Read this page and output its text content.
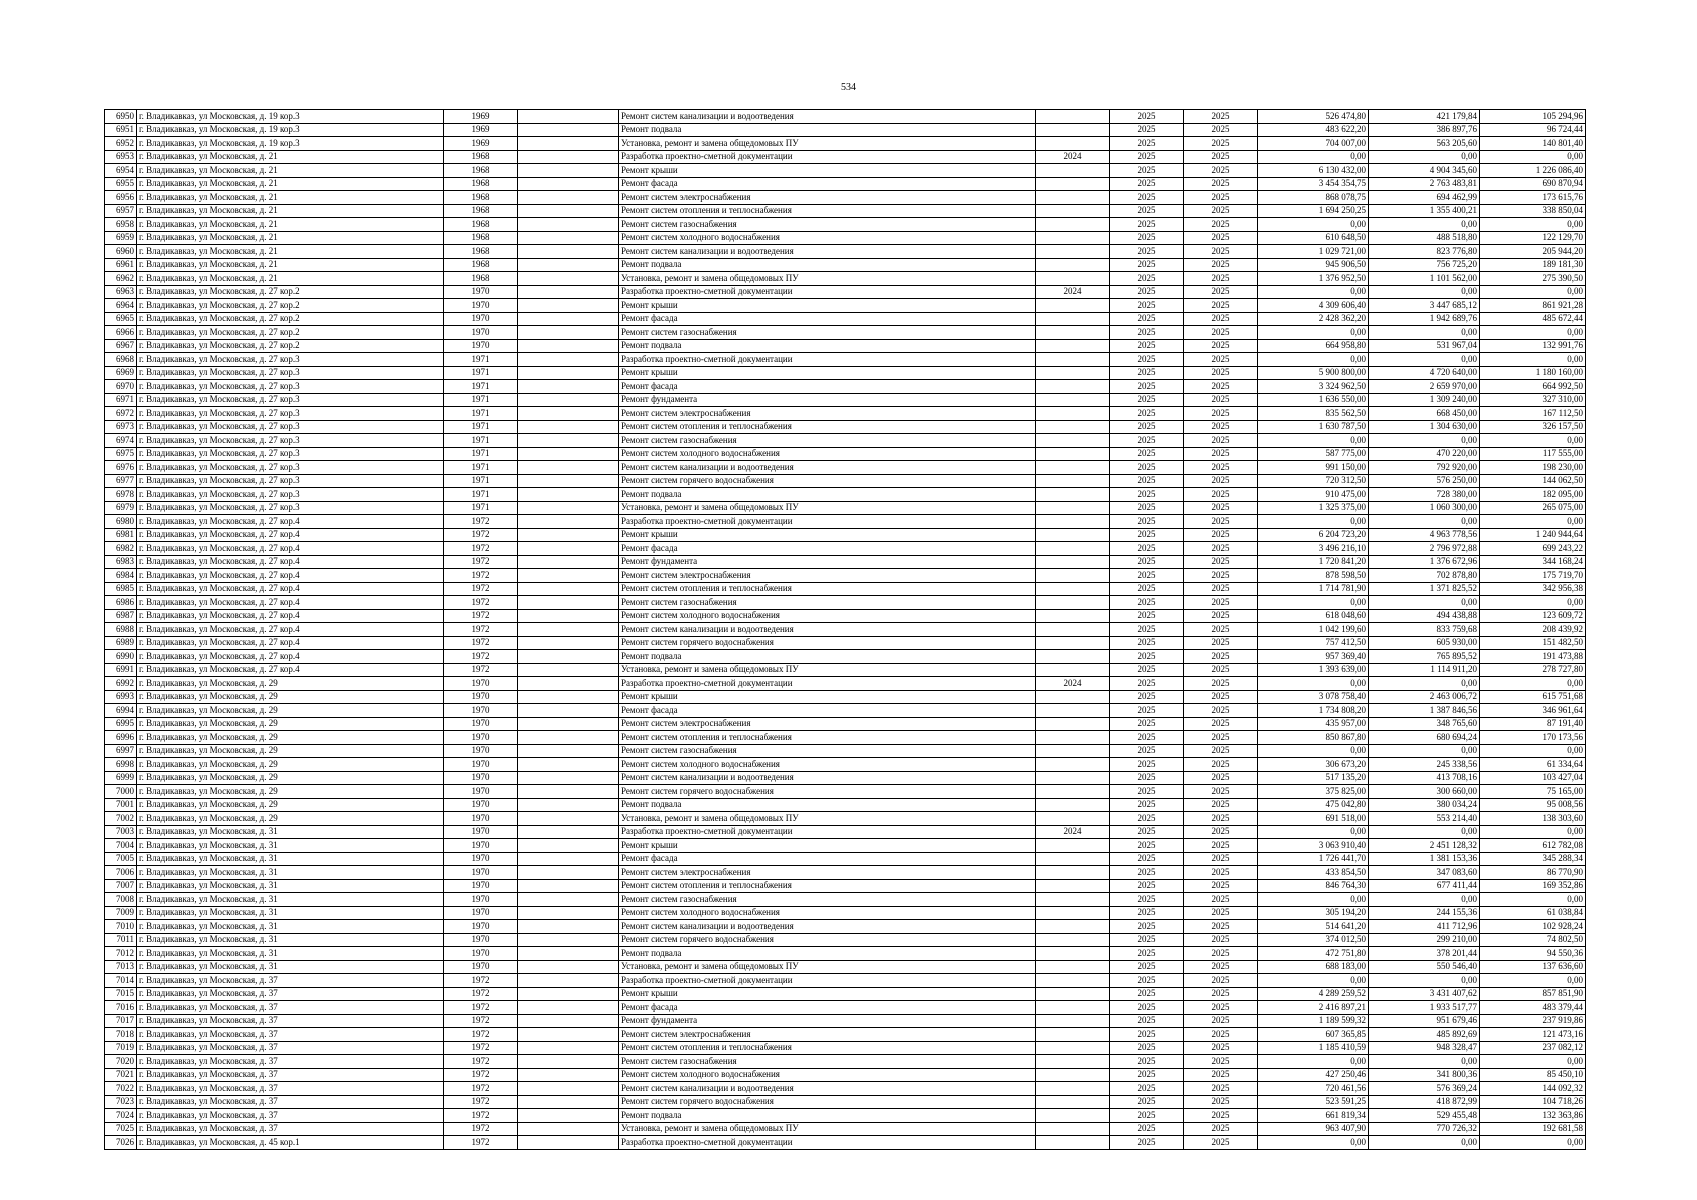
534
6950	г. Владикавказ, ул Московская, д. 19 кор.3	1969		Ремонт систем канализации и водоотведения		2025	2025	526 474,80	421 179,84	105 294,96
6951	г. Владикавказ, ул Московская, д. 19 кор.3	1969		Ремонт подвала		2025	2025	483 622,20	386 897,76	96 724,44
6952	г. Владикавказ, ул Московская, д. 19 кор.3	1969		Установка, ремонт и замена общедомовых ПУ		2025	2025	704 007,00	563 205,60	140 801,40
6953	г. Владикавказ, ул Московская, д. 21	1968		Разработка проектно-сметной документации	2024	2025	2025	0,00	0,00	0,00
6954	г. Владикавказ, ул Московская, д. 21	1968		Ремонт крыши		2025	2025	6 130 432,00	4 904 345,60	1 226 086,40
6955	г. Владикавказ, ул Московская, д. 21	1968		Ремонт фасада		2025	2025	3 454 354,75	2 763 483,81	690 870,94
6956	г. Владикавказ, ул Московская, д. 21	1968		Ремонт систем электроснабжения		2025	2025	868 078,75	694 462,99	173 615,76
6957	г. Владикавказ, ул Московская, д. 21	1968		Ремонт систем отопления и теплоснабжения		2025	2025	1 694 250,25	1 355 400,21	338 850,04
6958	г. Владикавказ, ул Московская, д. 21	1968		Ремонт систем газоснабжения		2025	2025	0,00	0,00	0,00
6959	г. Владикавказ, ул Московская, д. 21	1968		Ремонт систем холодного водоснабжения		2025	2025	610 648,50	488 518,80	122 129,70
6960	г. Владикавказ, ул Московская, д. 21	1968		Ремонт систем канализации и водоотведения		2025	2025	1 029 721,00	823 776,80	205 944,20
6961	г. Владикавказ, ул Московская, д. 21	1968		Ремонт подвала		2025	2025	945 906,50	756 725,20	189 181,30
6962	г. Владикавказ, ул Московская, д. 21	1968		Установка, ремонт и замена общедомовых ПУ		2025	2025	1 376 952,50	1 101 562,00	275 390,50
6963	г. Владикавказ, ул Московская, д. 27 кор.2	1970		Разработка проектно-сметной документации	2024	2025	2025	0,00	0,00	0,00
6964	г. Владикавказ, ул Московская, д. 27 кор.2	1970		Ремонт крыши		2025	2025	4 309 606,40	3 447 685,12	861 921,28
6965	г. Владикавказ, ул Московская, д. 27 кор.2	1970		Ремонт фасада		2025	2025	2 428 362,20	1 942 689,76	485 672,44
6966	г. Владикавказ, ул Московская, д. 27 кор.2	1970		Ремонт систем газоснабжения		2025	2025	0,00	0,00	0,00
6967	г. Владикавказ, ул Московская, д. 27 кор.2	1970		Ремонт подвала		2025	2025	664 958,80	531 967,04	132 991,76
6968	г. Владикавказ, ул Московская, д. 27 кор.3	1971		Разработка проектно-сметной документации		2025	2025	0,00	0,00	0,00
6969	г. Владикавказ, ул Московская, д. 27 кор.3	1971		Ремонт крыши		2025	2025	5 900 800,00	4 720 640,00	1 180 160,00
6970	г. Владикавказ, ул Московская, д. 27 кор.3	1971		Ремонт фасада		2025	2025	3 324 962,50	2 659 970,00	664 992,50
6971	г. Владикавказ, ул Московская, д. 27 кор.3	1971		Ремонт фундамента		2025	2025	1 636 550,00	1 309 240,00	327 310,00
6972	г. Владикавказ, ул Московская, д. 27 кор.3	1971		Ремонт систем электроснабжения		2025	2025	835 562,50	668 450,00	167 112,50
6973	г. Владикавказ, ул Московская, д. 27 кор.3	1971		Ремонт систем отопления и теплоснабжения		2025	2025	1 630 787,50	1 304 630,00	326 157,50
6974	г. Владикавказ, ул Московская, д. 27 кор.3	1971		Ремонт систем газоснабжения		2025	2025	0,00	0,00	0,00
6975	г. Владикавказ, ул Московская, д. 27 кор.3	1971		Ремонт систем холодного водоснабжения		2025	2025	587 775,00	470 220,00	117 555,00
6976	г. Владикавказ, ул Московская, д. 27 кор.3	1971		Ремонт систем канализации и водоотведения		2025	2025	991 150,00	792 920,00	198 230,00
6977	г. Владикавказ, ул Московская, д. 27 кор.3	1971		Ремонт систем горячего водоснабжения		2025	2025	720 312,50	576 250,00	144 062,50
6978	г. Владикавказ, ул Московская, д. 27 кор.3	1971		Ремонт подвала		2025	2025	910 475,00	728 380,00	182 095,00
6979	г. Владикавказ, ул Московская, д. 27 кор.3	1971		Установка, ремонт и замена общедомовых ПУ		2025	2025	1 325 375,00	1 060 300,00	265 075,00
6980	г. Владикавказ, ул Московская, д. 27 кор.4	1972		Разработка проектно-сметной документации		2025	2025	0,00	0,00	0,00
6981	г. Владикавказ, ул Московская, д. 27 кор.4	1972		Ремонт крыши		2025	2025	6 204 723,20	4 963 778,56	1 240 944,64
6982	г. Владикавказ, ул Московская, д. 27 кор.4	1972		Ремонт фасада		2025	2025	3 496 216,10	2 796 972,88	699 243,22
6983	г. Владикавказ, ул Московская, д. 27 кор.4	1972		Ремонт фундамента		2025	2025	1 720 841,20	1 376 672,96	344 168,24
6984	г. Владикавказ, ул Московская, д. 27 кор.4	1972		Ремонт систем электроснабжения		2025	2025	878 598,50	702 878,80	175 719,70
6985	г. Владикавказ, ул Московская, д. 27 кор.4	1972		Ремонт систем отопления и теплоснабжения		2025	2025	1 714 781,90	1 371 825,52	342 956,38
6986	г. Владикавказ, ул Московская, д. 27 кор.4	1972		Ремонт систем газоснабжения		2025	2025	0,00	0,00	0,00
6987	г. Владикавказ, ул Московская, д. 27 кор.4	1972		Ремонт систем холодного водоснабжения		2025	2025	618 048,60	494 438,88	123 609,72
6988	г. Владикавказ, ул Московская, д. 27 кор.4	1972		Ремонт систем канализации и водоотведения		2025	2025	1 042 199,60	833 759,68	208 439,92
6989	г. Владикавказ, ул Московская, д. 27 кор.4	1972		Ремонт систем горячего водоснабжения		2025	2025	757 412,50	605 930,00	151 482,50
6990	г. Владикавказ, ул Московская, д. 27 кор.4	1972		Ремонт подвала		2025	2025	957 369,40	765 895,52	191 473,88
6991	г. Владикавказ, ул Московская, д. 27 кор.4	1972		Установка, ремонт и замена общедомовых ПУ		2025	2025	1 393 639,00	1 114 911,20	278 727,80
6992	г. Владикавказ, ул Московская, д. 29	1970		Разработка проектно-сметной документации	2024	2025	2025	0,00	0,00	0,00
6993	г. Владикавказ, ул Московская, д. 29	1970		Ремонт крыши		2025	2025	3 078 758,40	2 463 006,72	615 751,68
6994	г. Владикавказ, ул Московская, д. 29	1970		Ремонт фасада		2025	2025	1 734 808,20	1 387 846,56	346 961,64
6995	г. Владикавказ, ул Московская, д. 29	1970		Ремонт систем электроснабжения		2025	2025	435 957,00	348 765,60	87 191,40
6996	г. Владикавказ, ул Московская, д. 29	1970		Ремонт систем отопления и теплоснабжения		2025	2025	850 867,80	680 694,24	170 173,56
6997	г. Владикавказ, ул Московская, д. 29	1970		Ремонт систем газоснабжения		2025	2025	0,00	0,00	0,00
6998	г. Владикавказ, ул Московская, д. 29	1970		Ремонт систем холодного водоснабжения		2025	2025	306 673,20	245 338,56	61 334,64
6999	г. Владикавказ, ул Московская, д. 29	1970		Ремонт систем канализации и водоотведения		2025	2025	517 135,20	413 708,16	103 427,04
7000	г. Владикавказ, ул Московская, д. 29	1970		Ремонт систем горячего водоснабжения		2025	2025	375 825,00	300 660,00	75 165,00
7001	г. Владикавказ, ул Московская, д. 29	1970		Ремонт подвала		2025	2025	475 042,80	380 034,24	95 008,56
7002	г. Владикавказ, ул Московская, д. 29	1970		Установка, ремонт и замена общедомовых ПУ		2025	2025	691 518,00	553 214,40	138 303,60
7003	г. Владикавказ, ул Московская, д. 31	1970		Разработка проектно-сметной документации	2024	2025	2025	0,00	0,00	0,00
7004	г. Владикавказ, ул Московская, д. 31	1970		Ремонт крыши		2025	2025	3 063 910,40	2 451 128,32	612 782,08
7005	г. Владикавказ, ул Московская, д. 31	1970		Ремонт фасада		2025	2025	1 726 441,70	1 381 153,36	345 288,34
7006	г. Владикавказ, ул Московская, д. 31	1970		Ремонт систем электроснабжения		2025	2025	433 854,50	347 083,60	86 770,90
7007	г. Владикавказ, ул Московская, д. 31	1970		Ремонт систем отопления и теплоснабжения		2025	2025	846 764,30	677 411,44	169 352,86
7008	г. Владикавказ, ул Московская, д. 31	1970		Ремонт систем газоснабжения		2025	2025	0,00	0,00	0,00
7009	г. Владикавказ, ул Московская, д. 31	1970		Ремонт систем холодного водоснабжения		2025	2025	305 194,20	244 155,36	61 038,84
7010	г. Владикавказ, ул Московская, д. 31	1970		Ремонт систем канализации и водоотведения		2025	2025	514 641,20	411 712,96	102 928,24
7011	г. Владикавказ, ул Московская, д. 31	1970		Ремонт систем горячего водоснабжения		2025	2025	374 012,50	299 210,00	74 802,50
7012	г. Владикавказ, ул Московская, д. 31	1970		Ремонт подвала		2025	2025	472 751,80	378 201,44	94 550,36
7013	г. Владикавказ, ул Московская, д. 31	1970		Установка, ремонт и замена общедомовых ПУ		2025	2025	688 183,00	550 546,40	137 636,60
7014	г. Владикавказ, ул Московская, д. 37	1972		Разработка проектно-сметной документации		2025	2025	0,00	0,00	0,00
7015	г. Владикавказ, ул Московская, д. 37	1972		Ремонт крыши		2025	2025	4 289 259,52	3 431 407,62	857 851,90
7016	г. Владикавказ, ул Московская, д. 37	1972		Ремонт фасада		2025	2025	2 416 897,21	1 933 517,77	483 379,44
7017	г. Владикавказ, ул Московская, д. 37	1972		Ремонт фундамента		2025	2025	1 189 599,32	951 679,46	237 919,86
7018	г. Владикавказ, ул Московская, д. 37	1972		Ремонт систем электроснабжения		2025	2025	607 365,85	485 892,69	121 473,16
7019	г. Владикавказ, ул Московская, д. 37	1972		Ремонт систем отопления и теплоснабжения		2025	2025	1 185 410,59	948 328,47	237 082,12
7020	г. Владикавказ, ул Московская, д. 37	1972		Ремонт систем газоснабжения		2025	2025	0,00	0,00	0,00
7021	г. Владикавказ, ул Московская, д. 37	1972		Ремонт систем холодного водоснабжения		2025	2025	427 250,46	341 800,36	85 450,10
7022	г. Владикавказ, ул Московская, д. 37	1972		Ремонт систем канализации и водоотведения		2025	2025	720 461,56	576 369,24	144 092,32
7023	г. Владикавказ, ул Московская, д. 37	1972		Ремонт систем горячего водоснабжения		2025	2025	523 591,25	418 872,99	104 718,26
7024	г. Владикавказ, ул Московская, д. 37	1972		Ремонт подвала		2025	2025	661 819,34	529 455,48	132 363,86
7025	г. Владикавказ, ул Московская, д. 37	1972		Установка, ремонт и замена общедомовых ПУ		2025	2025	963 407,90	770 726,32	192 681,58
7026	г. Владикавказ, ул Московская, д. 45 кор.1	1972		Разработка проектно-сметной документации		2025	2025	0,00	0,00	0,00
